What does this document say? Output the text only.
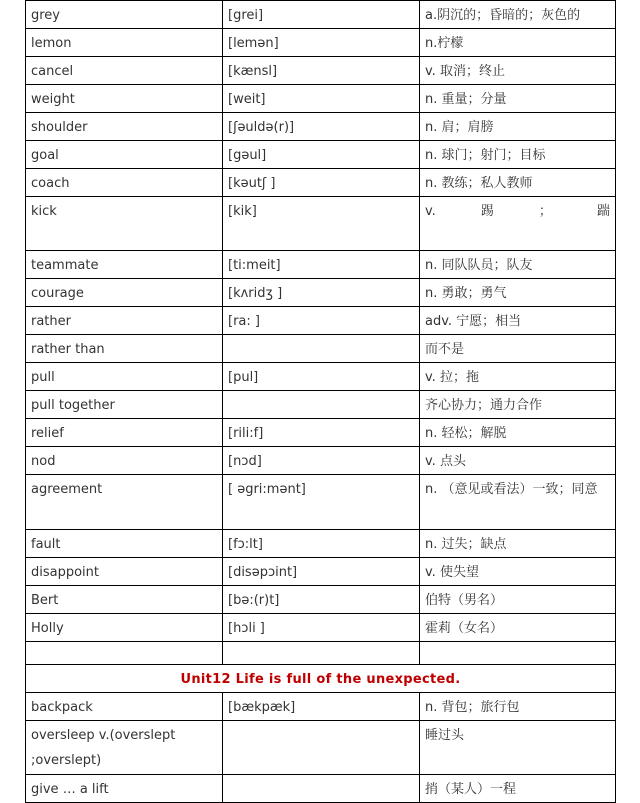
grey	[grei]	a.阴沉的；昏暗的；灰色的
lemon	[lemən]	n.柠檬
cancel	[kænsl]	v. 取消；终止
weight	[weit]	n. 重量；分量
shoulder	[ʃəuldə(r)]	n. 肩；肩膀
goal	[gəul]	n. 球门；射门；目标
coach	[kəutʃ ]	n. 教练；私人教师
kick	[kik]	v. 踢 ； 踹

teammate	[ti:meit]	n. 同队队员；队友
courage	[kʌridʒ ]	n. 勇敢；勇气
rather	[ra: ]	adv. 宁愿；相当
rather than		而不是
pull	[pul]	v. 拉；拖
pull together		齐心协力；通力合作
relief	[rili:f]	n. 轻松；解脱
nod	[nɔd]	v. 点头
agreement	[ əgri:mənt]	n. （意见或看法）一致；同意
fault	[fɔ:lt]	n. 过失；缺点
disappoint	[disəpɔint]	v. 使失望
Bert	[bə:(r)t]	伯特（男名）
Holly	[hɔli ]	霍莉（女名）

Unit12 Life is full of the unexpected.		
backpack	[bækpæk]	n. 背包；旅行包
oversleep v.(overslept ;overslept)		睡过头
give … a lift		捎（某人）一程
